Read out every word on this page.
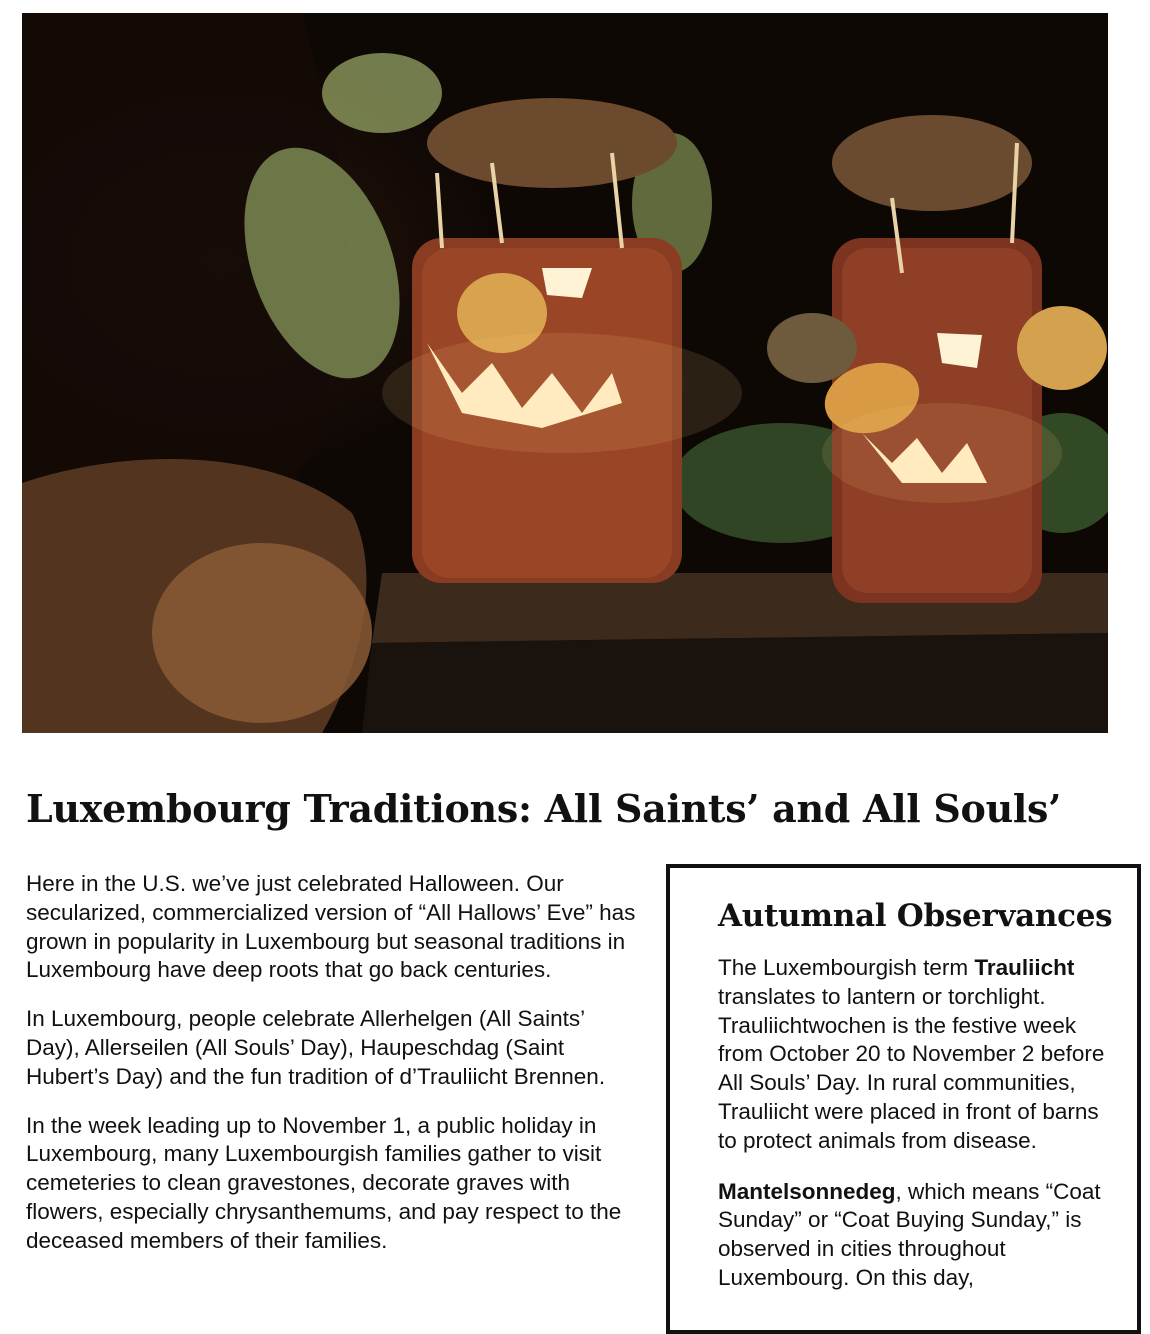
Luxembourg Traditions: All Saints’ and All Souls’

Here in the U.S. we’ve just celebrated Halloween. Our secularized, commercialized version of “All Hallows’ Eve” has grown in popularity in Luxembourg but seasonal traditions in Luxembourg have deep roots that go back centuries.

In Luxembourg, people celebrate Allerhelgen (All Saints’ Day), Allerseilen (All Souls’ Day), Haupeschdag (Saint Hubert’s Day) and the fun tradition of d’Trauliicht Brennen.

In the week leading up to November 1, a public holiday in Luxembourg, many Luxembourgish families gather to visit cemeteries to clean gravestones, decorate graves with flowers, especially chrysanthemums, and pay respect to the deceased members of their families.

Autumnal Observances

The Luxembourgish term Trauliicht translates to lantern or torchlight. Trauliichtwochen is the festive week from October 20 to November 2 before All Souls’ Day. In rural communities, Trauliicht were placed in front of barns to protect animals from disease.

Mantelsonnedeg, which means “Coat Sunday” or “Coat Buying Sunday,” is observed in cities throughout Luxembourg. On this day,
